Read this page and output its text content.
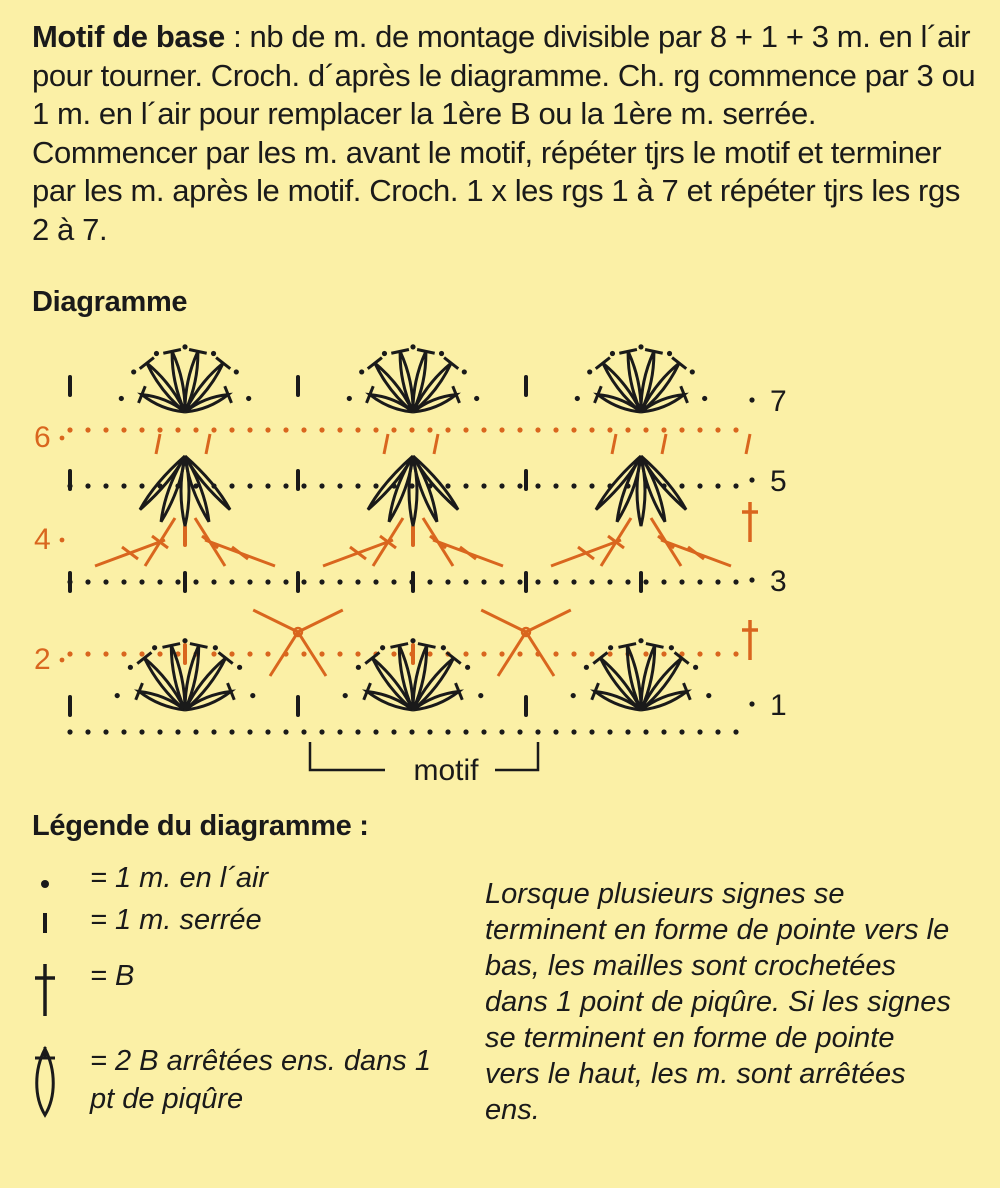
Motif de base : nb de m. de montage divisible par 8 + 1 + 3 m. en l´air pour tourner. Croch. d´après le diagramme. Ch. rg commence par 3 ou 1 m. en l´air pour remplacer la 1ère B ou la 1ère m. serrée. Commencer par les m. avant le motif, répéter tjrs le motif et terminer par les m. après le motif. Croch. 1 x les rgs 1 à 7 et répéter tjrs les rgs 2 à 7.

Diagramme
7
5
3
1
6
4
2
motif
Légende du diagramme :
= 1 m. en l´air
= 1 m. serrée
= B
= 2 B arrêtées ens. dans 1
pt de piqûre

Lorsque plusieurs signes se terminent en forme de pointe vers le bas, les mailles sont crochetées dans 1 point de piqûre. Si les signes se terminent en forme de pointe vers le haut, les m. sont arrêtées ens.
